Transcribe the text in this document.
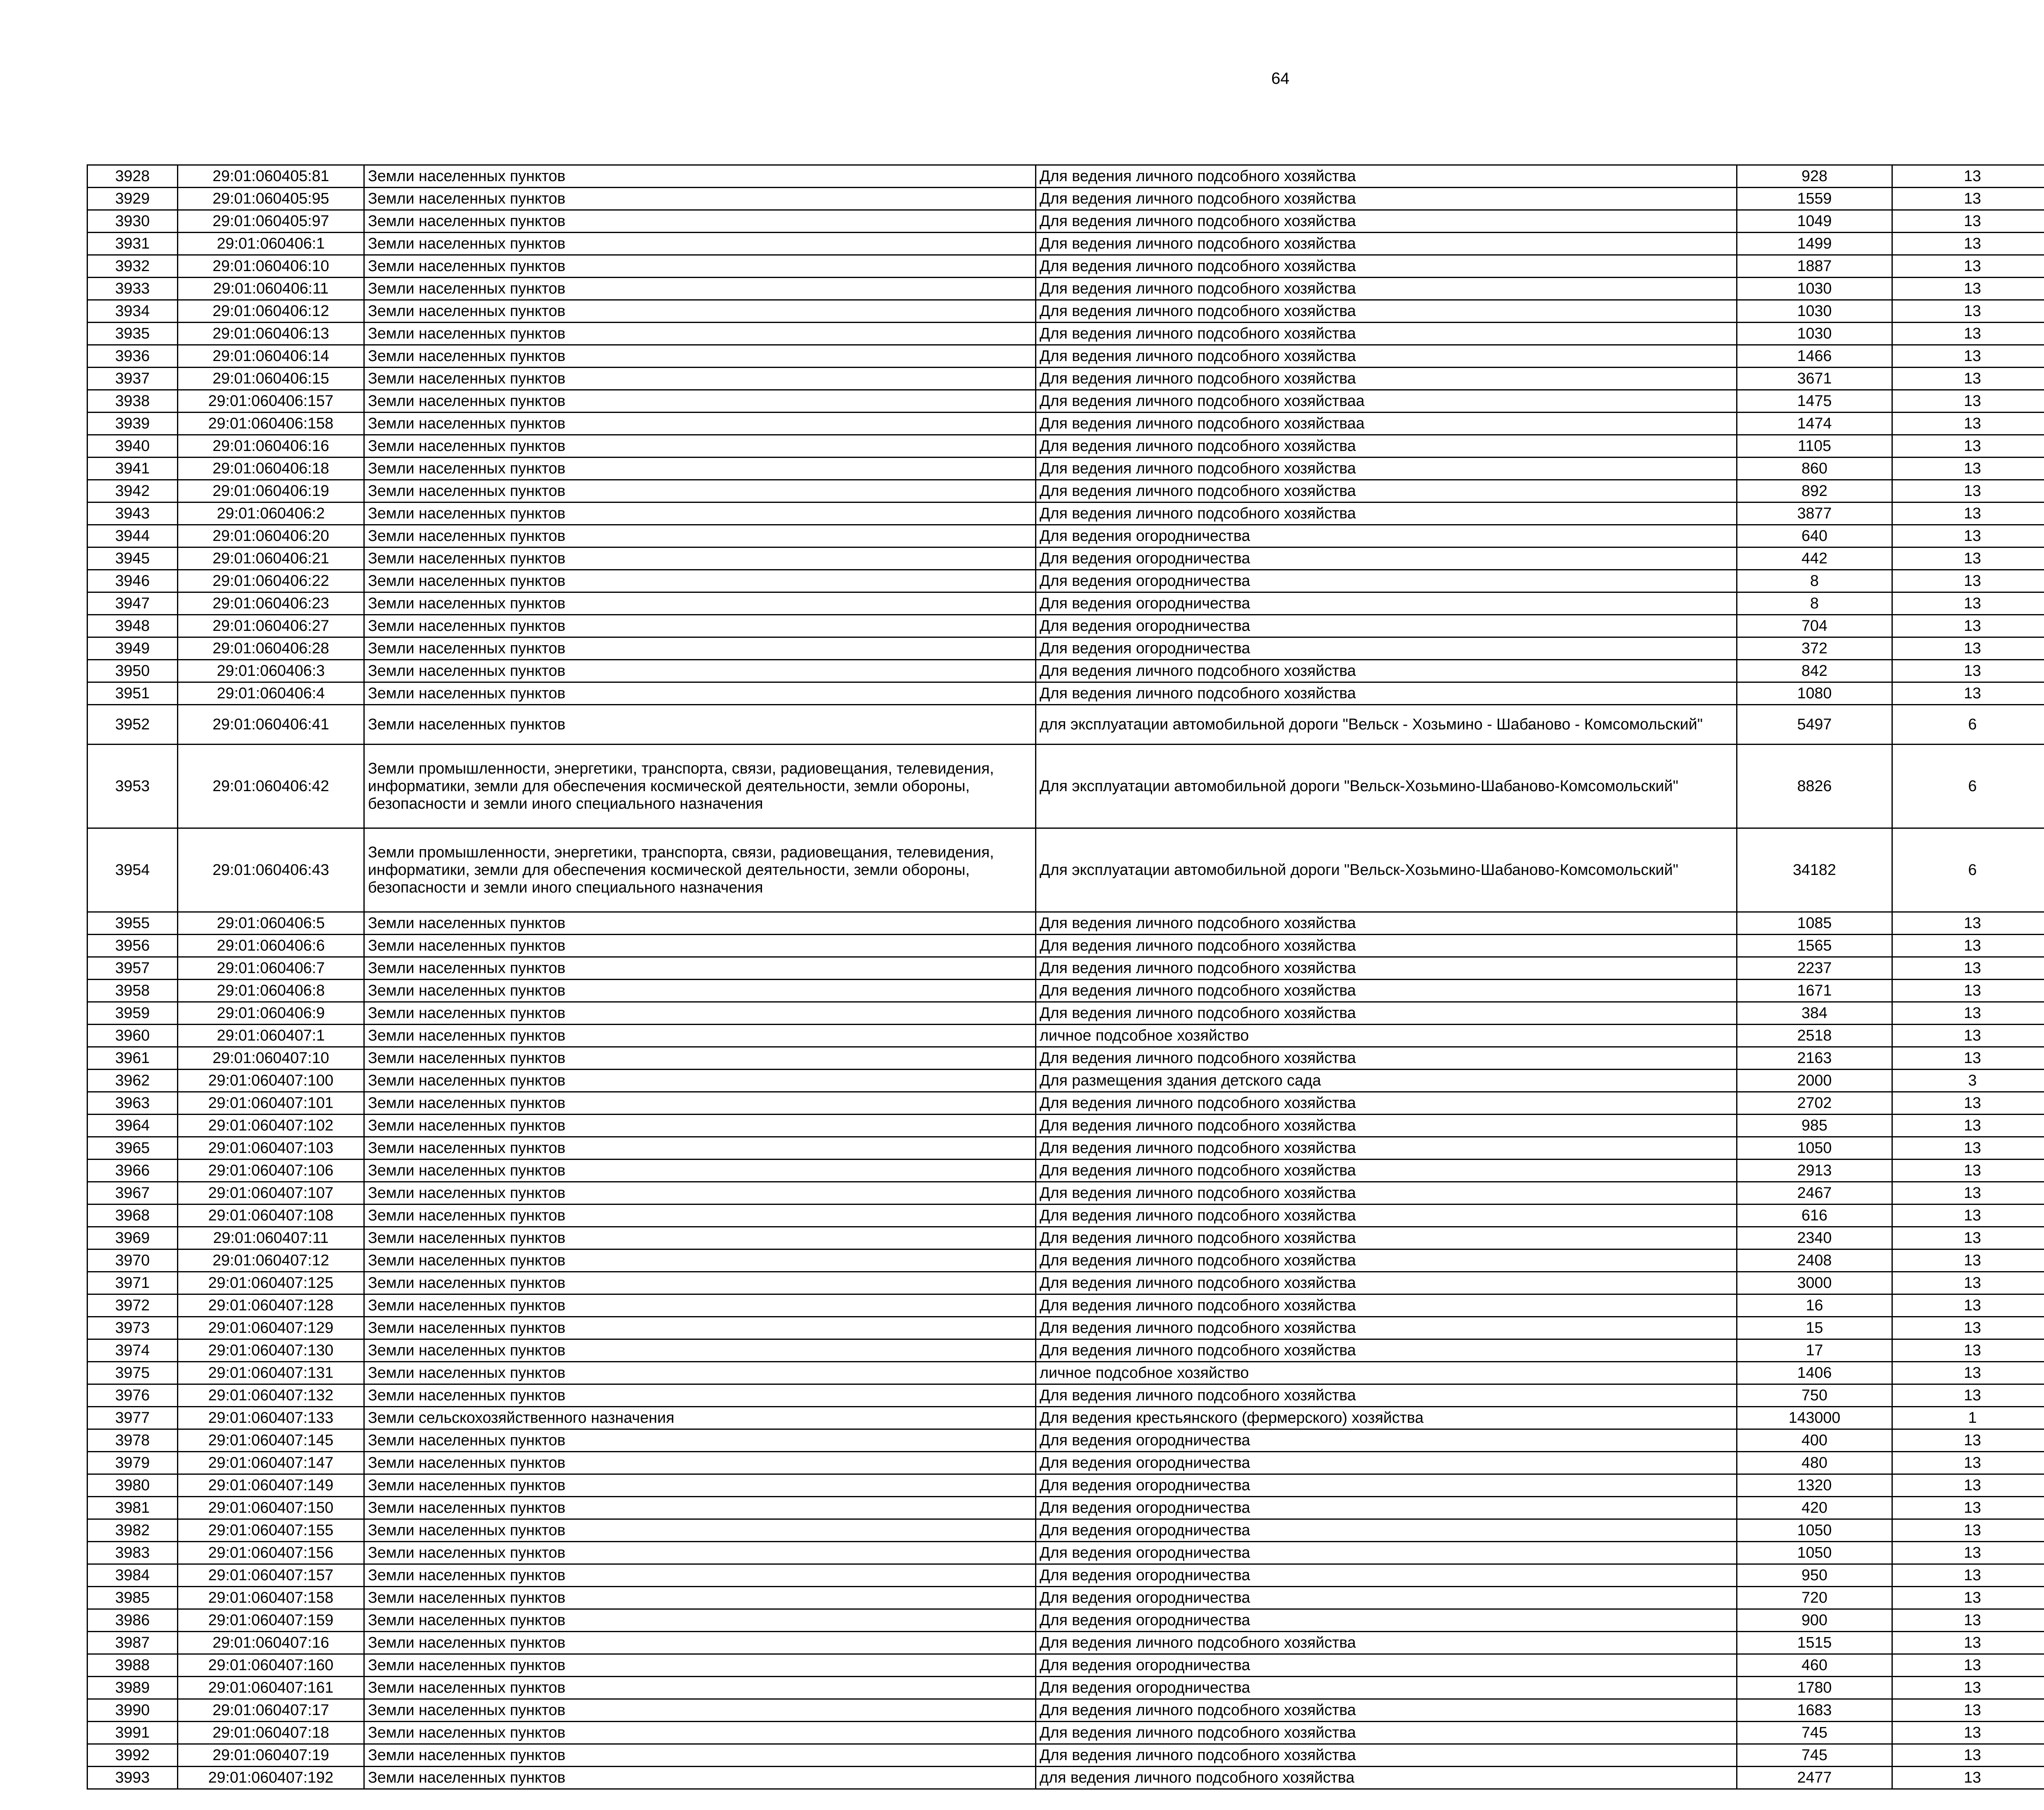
64
3928	29:01:060405:81	Земли населенных пунктов	Для ведения личного подсобного хозяйства	928	13		
3929	29:01:060405:95	Земли населенных пунктов	Для ведения личного подсобного хозяйства	1559	13		
3930	29:01:060405:97	Земли населенных пунктов	Для ведения личного подсобного хозяйства	1049	13		
3931	29:01:060406:1	Земли населенных пунктов	Для ведения личного подсобного хозяйства	1499	13		
3932	29:01:060406:10	Земли населенных пунктов	Для ведения личного подсобного хозяйства	1887	13		
3933	29:01:060406:11	Земли населенных пунктов	Для ведения личного подсобного хозяйства	1030	13		
3934	29:01:060406:12	Земли населенных пунктов	Для ведения личного подсобного хозяйства	1030	13		
3935	29:01:060406:13	Земли населенных пунктов	Для ведения личного подсобного хозяйства	1030	13		
3936	29:01:060406:14	Земли населенных пунктов	Для ведения личного подсобного хозяйства	1466	13		
3937	29:01:060406:15	Земли населенных пунктов	Для ведения личного подсобного хозяйства	3671	13		
3938	29:01:060406:157	Земли населенных пунктов	Для ведения личного подсобного хозяйстваа	1475	13		
3939	29:01:060406:158	Земли населенных пунктов	Для ведения личного подсобного хозяйстваа	1474	13		
3940	29:01:060406:16	Земли населенных пунктов	Для ведения личного подсобного хозяйства	1105	13		
3941	29:01:060406:18	Земли населенных пунктов	Для ведения личного подсобного хозяйства	860	13		
3942	29:01:060406:19	Земли населенных пунктов	Для ведения личного подсобного хозяйства	892	13		
3943	29:01:060406:2	Земли населенных пунктов	Для ведения личного подсобного хозяйства	3877	13		
3944	29:01:060406:20	Земли населенных пунктов	Для ведения огородничества	640	13		
3945	29:01:060406:21	Земли населенных пунктов	Для ведения огородничества	442	13		
3946	29:01:060406:22	Земли населенных пунктов	Для ведения огородничества	8	13		
3947	29:01:060406:23	Земли населенных пунктов	Для ведения огородничества	8	13		
3948	29:01:060406:27	Земли населенных пунктов	Для ведения огородничества	704	13		
3949	29:01:060406:28	Земли населенных пунктов	Для ведения огородничества	372	13		
3950	29:01:060406:3	Земли населенных пунктов	Для ведения личного подсобного хозяйства	842	13		
3951	29:01:060406:4	Земли населенных пунктов	Для ведения личного подсобного хозяйства	1080	13		
3952	29:01:060406:41	Земли населенных пунктов	для эксплуатации автомобильной дороги "Вельск - Хозьмино - Шабаново - Комсомольский"	5497	6		
3953	29:01:060406:42	Земли промышленности, энергетики, транспорта, связи, радиовещания, телевидения, информатики, земли для обеспечения космической деятельности, земли обороны, безопасности и земли иного специального назначения	Для эксплуатации автомобильной дороги "Вельск-Хозьмино-Шабаново-Комсомольский"	8826	6		
3954	29:01:060406:43	Земли промышленности, энергетики, транспорта, связи, радиовещания, телевидения, информатики, земли для обеспечения космической деятельности, земли обороны, безопасности и земли иного специального назначения	Для эксплуатации автомобильной дороги "Вельск-Хозьмино-Шабаново-Комсомольский"	34182	6		
3955	29:01:060406:5	Земли населенных пунктов	Для ведения личного подсобного хозяйства	1085	13		
3956	29:01:060406:6	Земли населенных пунктов	Для ведения личного подсобного хозяйства	1565	13		
3957	29:01:060406:7	Земли населенных пунктов	Для ведения личного подсобного хозяйства	2237	13		
3958	29:01:060406:8	Земли населенных пунктов	Для ведения личного подсобного хозяйства	1671	13		
3959	29:01:060406:9	Земли населенных пунктов	Для ведения личного подсобного хозяйства	384	13		
3960	29:01:060407:1	Земли населенных пунктов	личное подсобное хозяйство	2518	13		
3961	29:01:060407:10	Земли населенных пунктов	Для ведения личного подсобного хозяйства	2163	13		
3962	29:01:060407:100	Земли населенных пунктов	Для размещения здания детского сада	2000	3		
3963	29:01:060407:101	Земли населенных пунктов	Для ведения личного подсобного хозяйства	2702	13		
3964	29:01:060407:102	Земли населенных пунктов	Для ведения личного подсобного хозяйства	985	13		
3965	29:01:060407:103	Земли населенных пунктов	Для ведения личного подсобного хозяйства	1050	13		
3966	29:01:060407:106	Земли населенных пунктов	Для ведения личного подсобного хозяйства	2913	13		
3967	29:01:060407:107	Земли населенных пунктов	Для ведения личного подсобного хозяйства	2467	13		
3968	29:01:060407:108	Земли населенных пунктов	Для ведения личного подсобного хозяйства	616	13		
3969	29:01:060407:11	Земли населенных пунктов	Для ведения личного подсобного хозяйства	2340	13		
3970	29:01:060407:12	Земли населенных пунктов	Для ведения личного подсобного хозяйства	2408	13		
3971	29:01:060407:125	Земли населенных пунктов	Для ведения личного подсобного хозяйства	3000	13		
3972	29:01:060407:128	Земли населенных пунктов	Для ведения личного подсобного хозяйства	16	13		
3973	29:01:060407:129	Земли населенных пунктов	Для ведения личного подсобного хозяйства	15	13		
3974	29:01:060407:130	Земли населенных пунктов	Для ведения личного подсобного хозяйства	17	13		
3975	29:01:060407:131	Земли населенных пунктов	личное подсобное хозяйство	1406	13		
3976	29:01:060407:132	Земли населенных пунктов	Для ведения личного подсобного хозяйства	750	13		
3977	29:01:060407:133	Земли сельскохозяйственного назначения	Для ведения крестьянского (фермерского) хозяйства	143000	1		
3978	29:01:060407:145	Земли населенных пунктов	Для ведения огородничества	400	13		
3979	29:01:060407:147	Земли населенных пунктов	Для ведения огородничества	480	13		
3980	29:01:060407:149	Земли населенных пунктов	Для ведения огородничества	1320	13		
3981	29:01:060407:150	Земли населенных пунктов	Для ведения огородничества	420	13		
3982	29:01:060407:155	Земли населенных пунктов	Для ведения огородничества	1050	13		
3983	29:01:060407:156	Земли населенных пунктов	Для ведения огородничества	1050	13		
3984	29:01:060407:157	Земли населенных пунктов	Для ведения огородничества	950	13		
3985	29:01:060407:158	Земли населенных пунктов	Для ведения огородничества	720	13		
3986	29:01:060407:159	Земли населенных пунктов	Для ведения огородничества	900	13		
3987	29:01:060407:16	Земли населенных пунктов	Для ведения личного подсобного хозяйства	1515	13		
3988	29:01:060407:160	Земли населенных пунктов	Для ведения огородничества	460	13		
3989	29:01:060407:161	Земли населенных пунктов	Для ведения огородничества	1780	13		
3990	29:01:060407:17	Земли населенных пунктов	Для ведения личного подсобного хозяйства	1683	13		
3991	29:01:060407:18	Земли населенных пунктов	Для ведения личного подсобного хозяйства	745	13		
3992	29:01:060407:19	Земли населенных пунктов	Для ведения личного подсобного хозяйства	745	13		
3993	29:01:060407:192	Земли населенных пунктов	для ведения личного подсобного хозяйства	2477	13		
